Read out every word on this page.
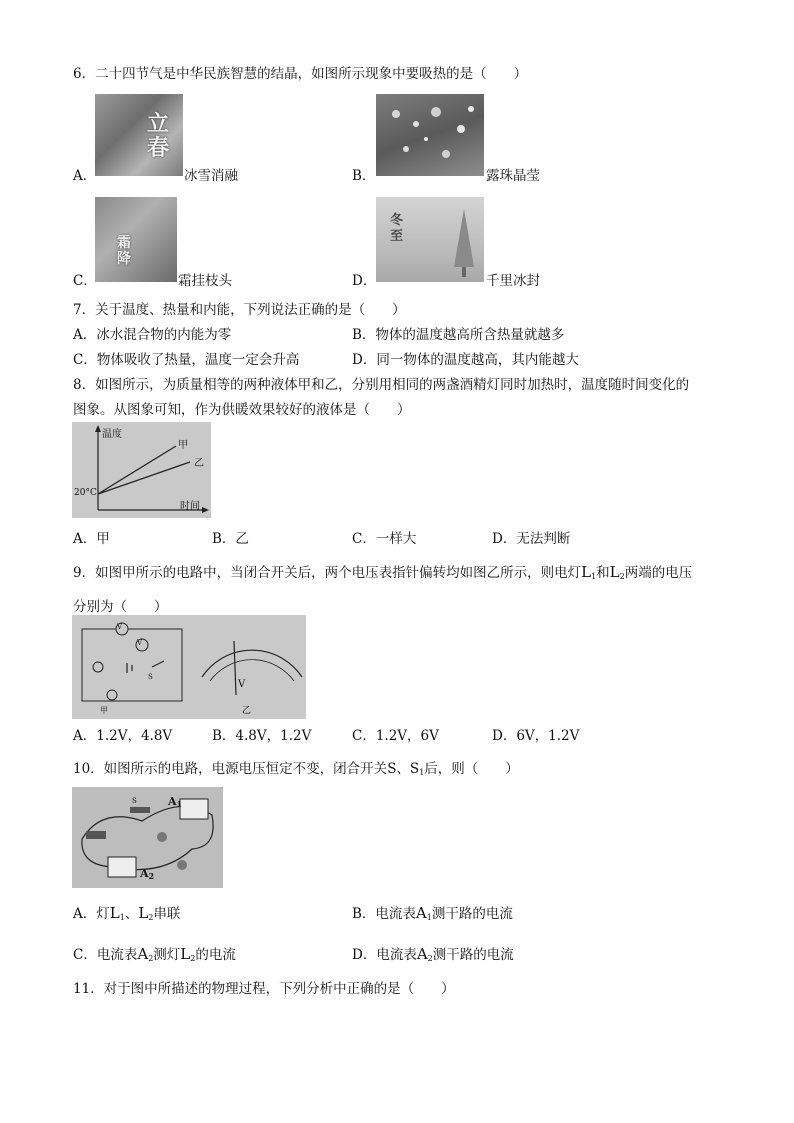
6．二十四节气是中华民族智慧的结晶，如图所示现象中要吸热的是（　　）
立
春
A．	冰雪消融	B．	露珠晶莹
霜
降
C．	霜挂枝头
冬
至
D．	千里冰封
7．关于温度、热量和内能，下列说法正确的是（　　）
A．冰水混合物的内能为零	B．物体的温度越高所含热量就越多
C．物体吸收了热量，温度一定会升高	D．同一物体的温度越高，其内能越大
8．如图所示，为质量相等的两种液体甲和乙，分别用相同的两盏酒精灯同时加热时，温度随时间变化的
图象。从图象可知，作为供暖效果较好的液体是（　　）
温度
甲
乙
20°C
时间
A．甲	B．乙	C．一样大	D．无法判断
9．如图甲所示的电路中，当闭合开关后，两个电压表指针偏转均如图乙所示，则电灯$L_1$和$L_2$两端的电压
分别为（　　）
V
V
S
甲
V
乙
A．1.2V，4.8V	B．4.8V，1.2V	C．1.2V，6V	D．6V，1.2V
10．如图所示的电路，电源电压恒定不变，闭合开关S、$S_1$后，则（　　）
$A_1$
$A_2$
S
A．灯$L_1$、$L_2$串联	B．电流表$A_1$测干路的电流
C．电流表$A_2$测灯$L_2$的电流	D．电流表$A_2$测干路的电流
11．对于图中所描述的物理过程，下列分析中正确的是（　　）
